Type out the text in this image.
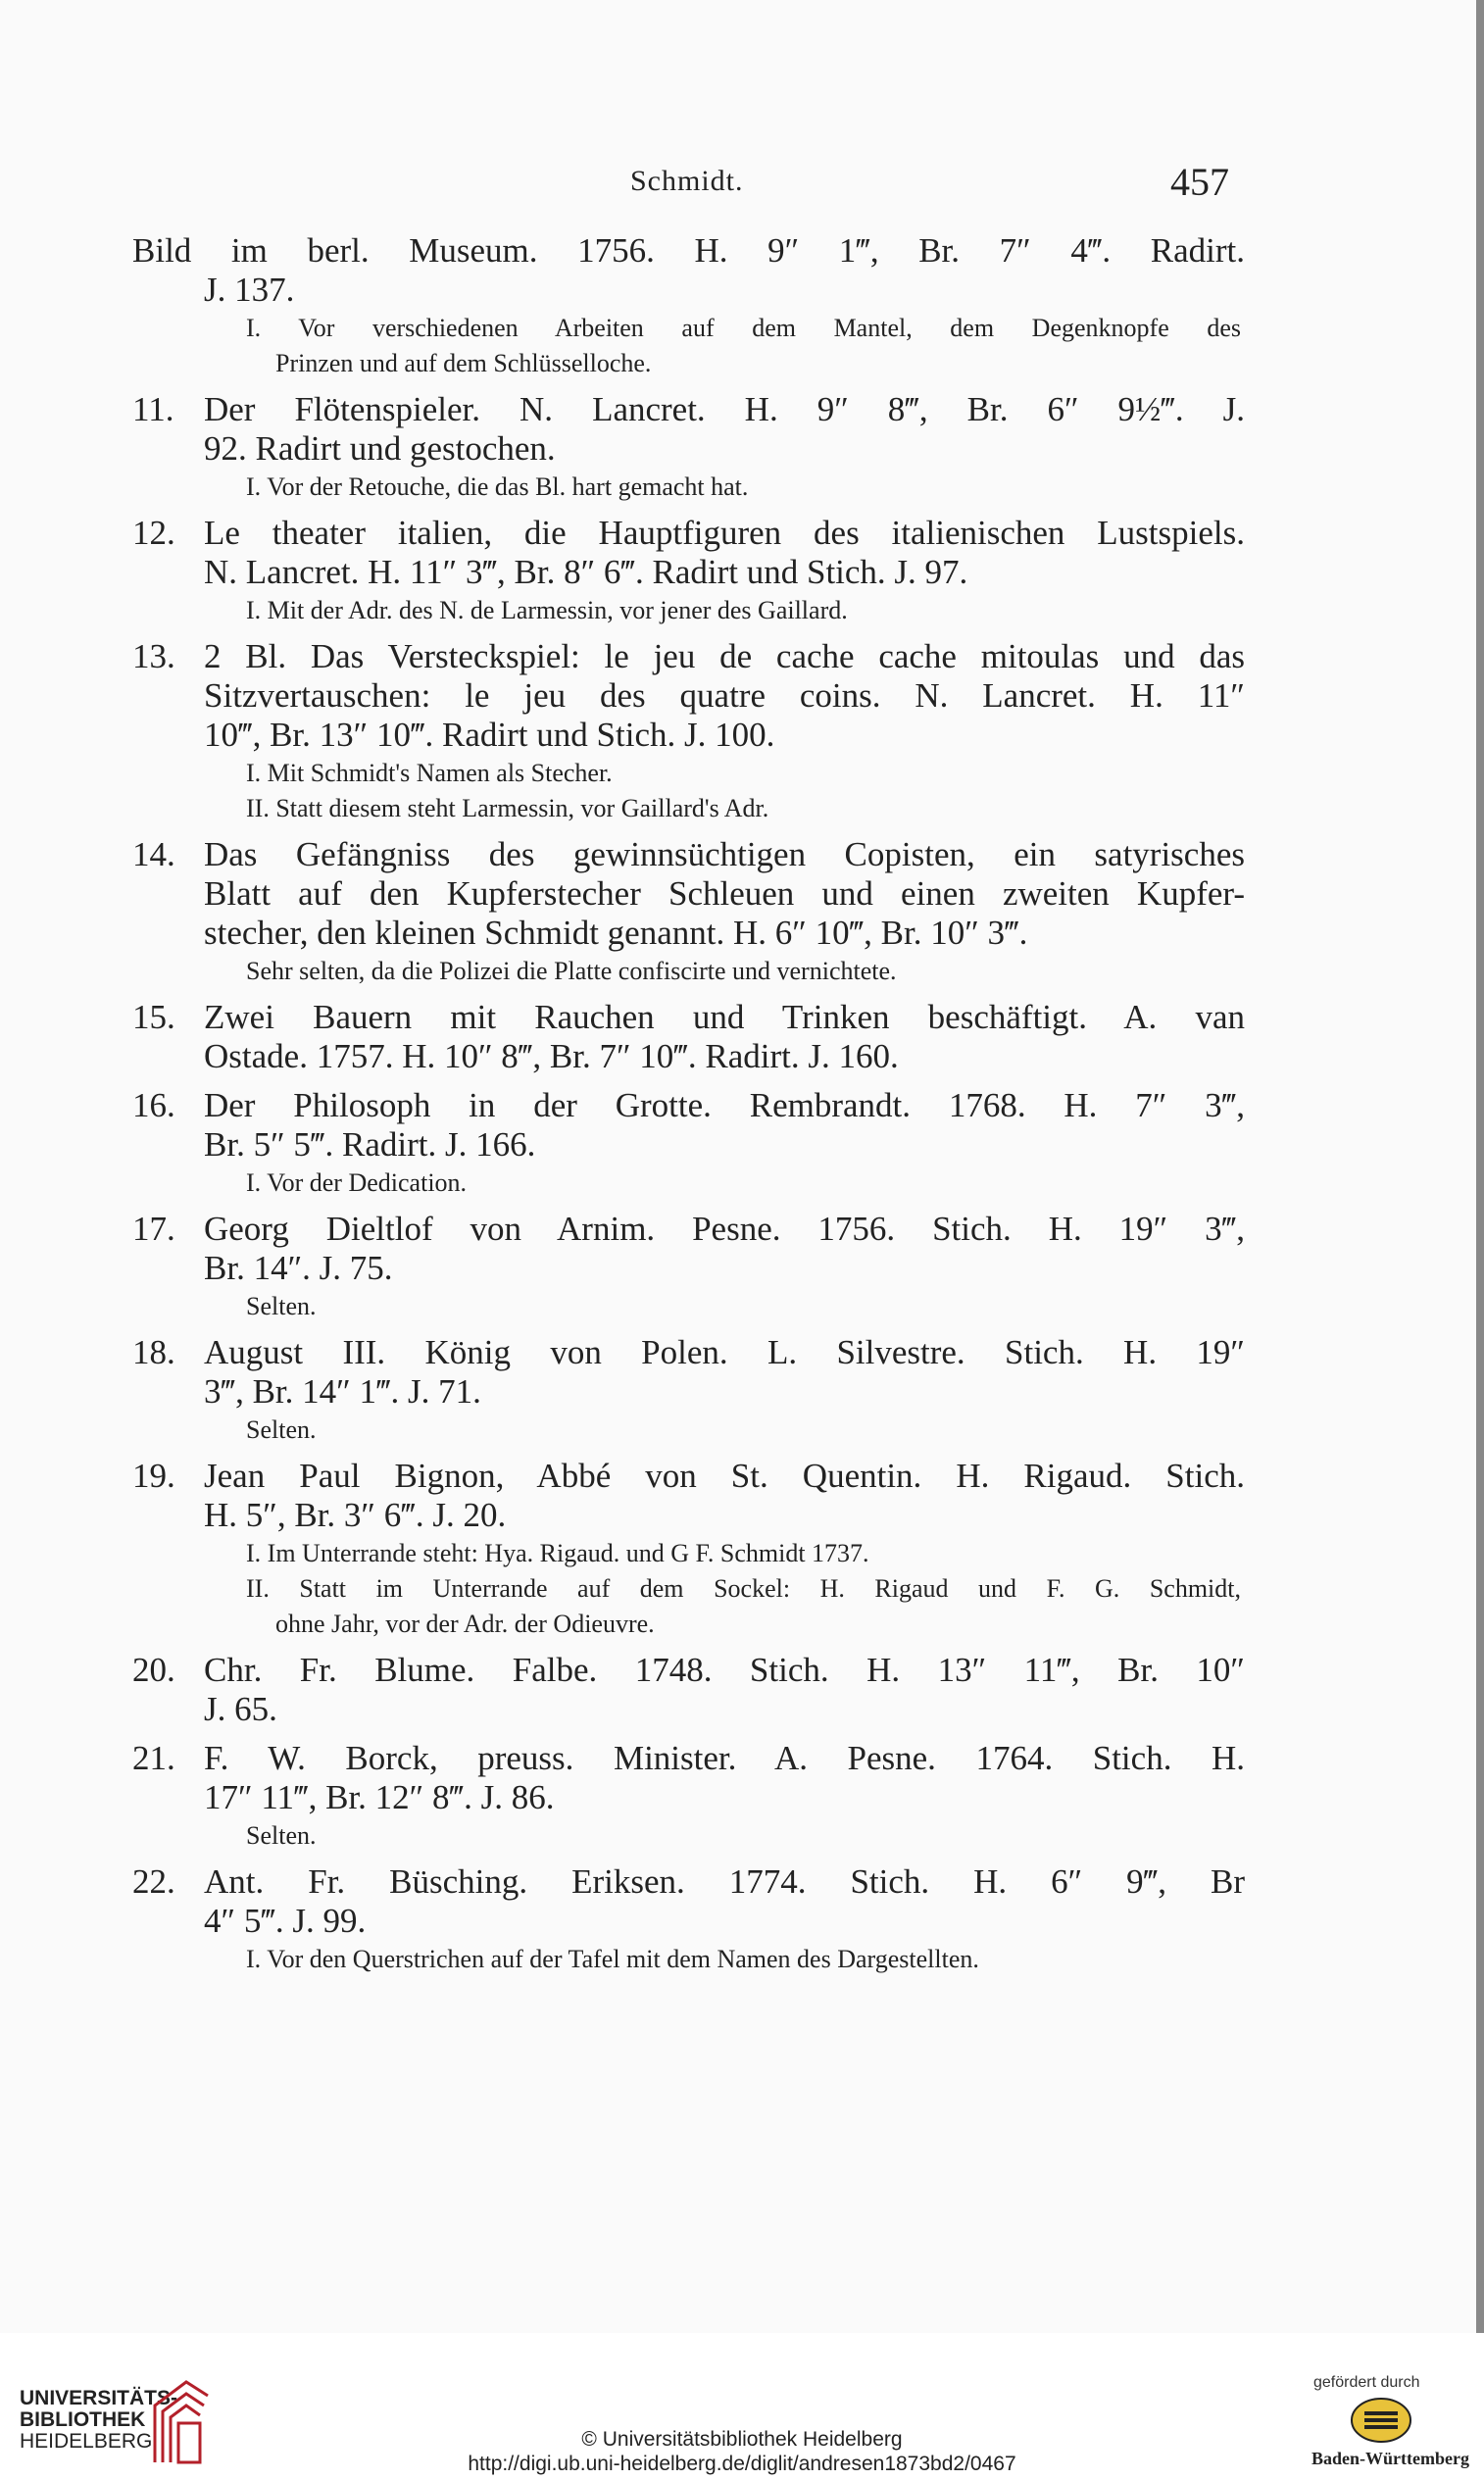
Schmidt.	457
Bild im berl. Museum. 1756. H. 9″ 1‴, Br. 7″ 4‴. Radirt.
J. 137.
I. Vor verschiedenen Arbeiten auf dem Mantel, dem Degenknopfe des
Prinzen und auf dem Schlüsselloche.
11. Der Flötenspieler. N. Lancret. H. 9″ 8‴, Br. 6″ 9½‴. J.
92. Radirt und gestochen.
I. Vor der Retouche, die das Bl. hart gemacht hat.
12. Le theater italien, die Hauptfiguren des italienischen Lustspiels.
N. Lancret. H. 11″ 3‴, Br. 8″ 6‴. Radirt und Stich. J. 97.
I. Mit der Adr. des N. de Larmessin, vor jener des Gaillard.
13. 2 Bl. Das Versteckspiel: le jeu de cache cache mitoulas und das
Sitzvertauschen: le jeu des quatre coins. N. Lancret. H. 11″
10‴, Br. 13″ 10‴. Radirt und Stich. J. 100.
I. Mit Schmidt's Namen als Stecher.
II. Statt diesem steht Larmessin, vor Gaillard's Adr.
14. Das Gefängniss des gewinnsüchtigen Copisten, ein satyrisches
Blatt auf den Kupferstecher Schleuen und einen zweiten Kupfer-
stecher, den kleinen Schmidt genannt. H. 6″ 10‴, Br. 10″ 3‴.
Sehr selten, da die Polizei die Platte confiscirte und vernichtete.
15. Zwei Bauern mit Rauchen und Trinken beschäftigt. A. van
Ostade. 1757. H. 10″ 8‴, Br. 7″ 10‴. Radirt. J. 160.
16. Der Philosoph in der Grotte. Rembrandt. 1768. H. 7″ 3‴,
Br. 5″ 5‴. Radirt. J. 166.
I. Vor der Dedication.
17. Georg Dieltlof von Arnim. Pesne. 1756. Stich. H. 19″ 3‴,
Br. 14″. J. 75.
Selten.
18. August III. König von Polen. L. Silvestre. Stich. H. 19″
3‴, Br. 14″ 1‴. J. 71.
Selten.
19. Jean Paul Bignon, Abbé von St. Quentin. H. Rigaud. Stich.
H. 5″, Br. 3″ 6‴. J. 20.
I. Im Unterrande steht: Hya. Rigaud. und G F. Schmidt 1737.
II. Statt im Unterrande auf dem Sockel: H. Rigaud und F. G. Schmidt,
ohne Jahr, vor der Adr. der Odieuvre.
20. Chr. Fr. Blume. Falbe. 1748. Stich. H. 13″ 11‴, Br. 10″
J. 65.
21. F. W. Borck, preuss. Minister. A. Pesne. 1764. Stich. H.
17″ 11‴, Br. 12″ 8‴. J. 86.
Selten.
22. Ant. Fr. Büsching. Eriksen. 1774. Stich. H. 6″ 9‴, Br
4″ 5‴. J. 99.
I. Vor den Querstrichen auf der Tafel mit dem Namen des Dargestellten.
UNIVERSITÄTS-
BIBLIOTHEK
HEIDELBERG	© Universitätsbibliothek Heidelberg
http://digi.ub.uni-heidelberg.de/diglit/andresen1873bd2/0467
gefördert durch
Baden-Württemberg
